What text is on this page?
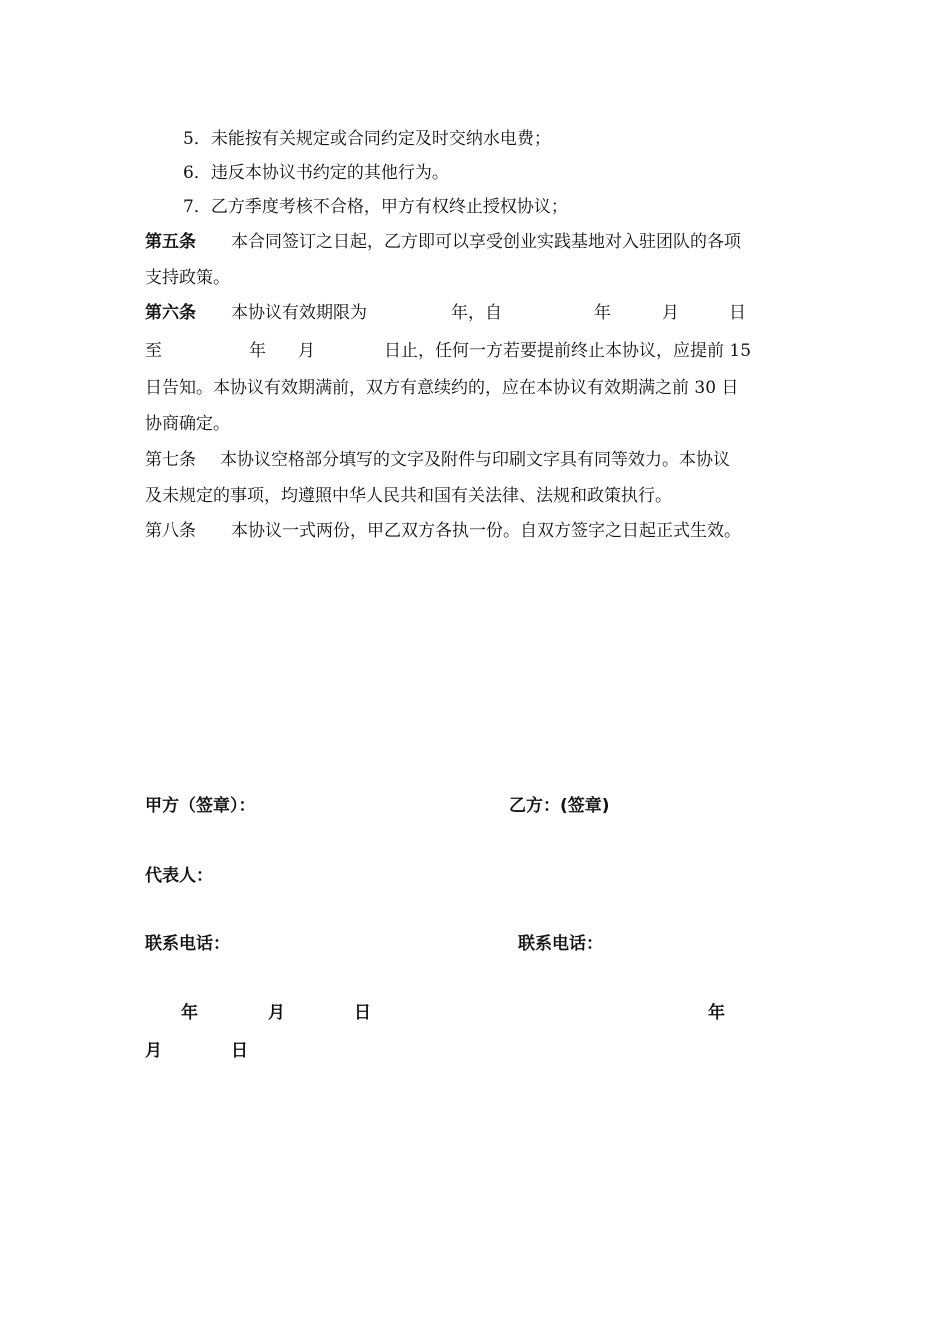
5．未能按有关规定或合同约定及时交纳水电费；
6．违反本协议书约定的其他行为。
7．乙方季度考核不合格，甲方有权终止授权协议；
第五条 本合同签订之日起，乙方即可以享受创业实践基地对入驻团队的各项
支持政策。
第六条 本协议有效期限为	年，自	年	月	日
至	年 月	日止，任何一方若要提前终止本协议，应提前 15
日告知。本协议有效期满前，双方有意续约的，应在本协议有效期满之前 30 日
协商确定。
第七条 本协议空格部分填写的文字及附件与印刷文字具有同等效力。本协议
及未规定的事项，均遵照中华人民共和国有关法律、法规和政策执行。
第八条 本协议一式两份，甲乙双方各执一份。自双方签字之日起正式生效。
甲方（签章）：	乙方：(签章)
代表人：
联系电话：	联系电话：
年	月	日	年
月	日
